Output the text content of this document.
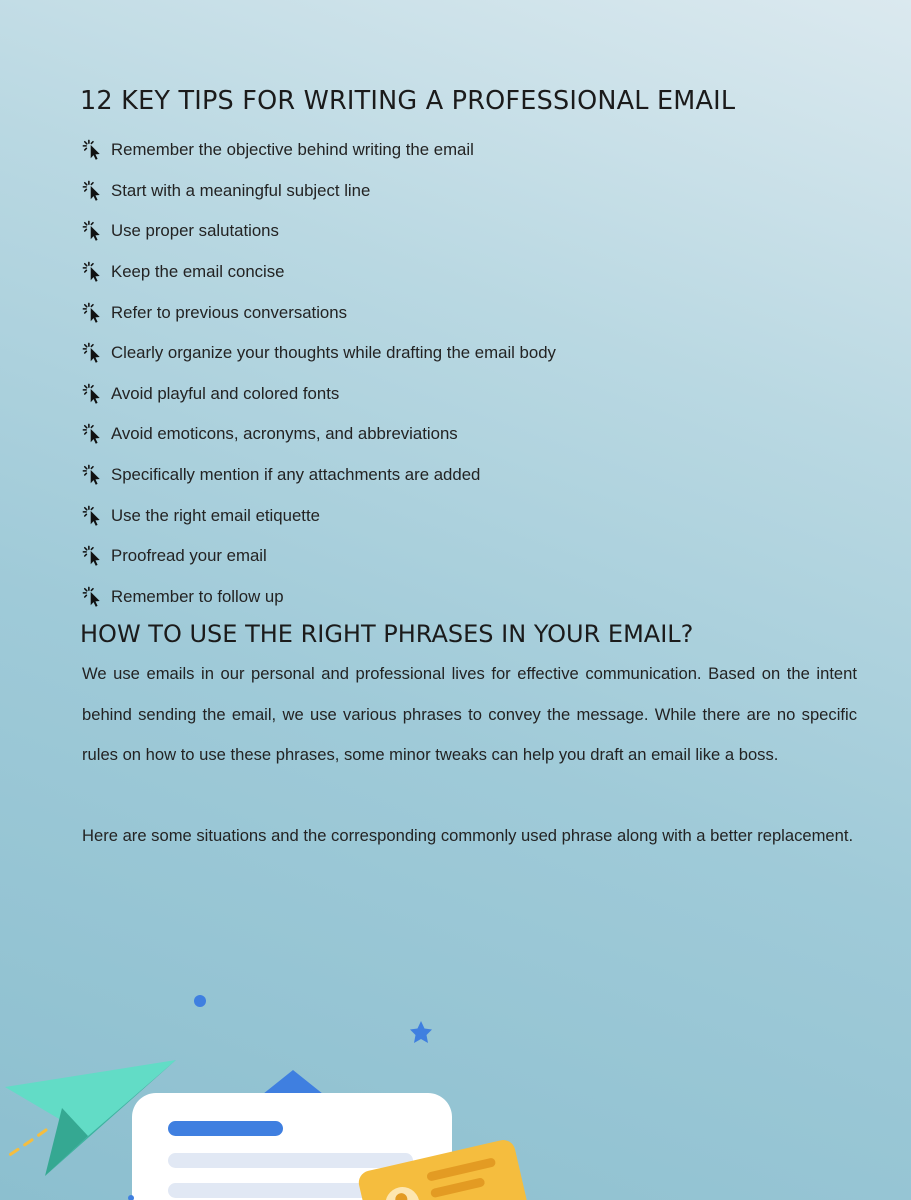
12 KEY TIPS FOR WRITING A PROFESSIONAL EMAIL
Remember the objective behind writing the email
Start with a meaningful subject line
Use proper salutations
Keep the email concise
Refer to previous conversations
Clearly organize your thoughts while drafting the email body
Avoid playful and colored fonts
Avoid emoticons, acronyms, and abbreviations
Specifically mention if any attachments are added
Use the right email etiquette
Proofread your email
Remember to follow up
HOW TO USE THE RIGHT PHRASES IN YOUR EMAIL?

We use emails in our personal and professional lives for effective communication. Based on the intent behind sending the email, we use various phrases to convey the message. While there are no specific rules on how to use these phrases, some minor tweaks can help you draft an email like a boss.

Here are some situations and the corresponding commonly used phrase along with a better replacement.
